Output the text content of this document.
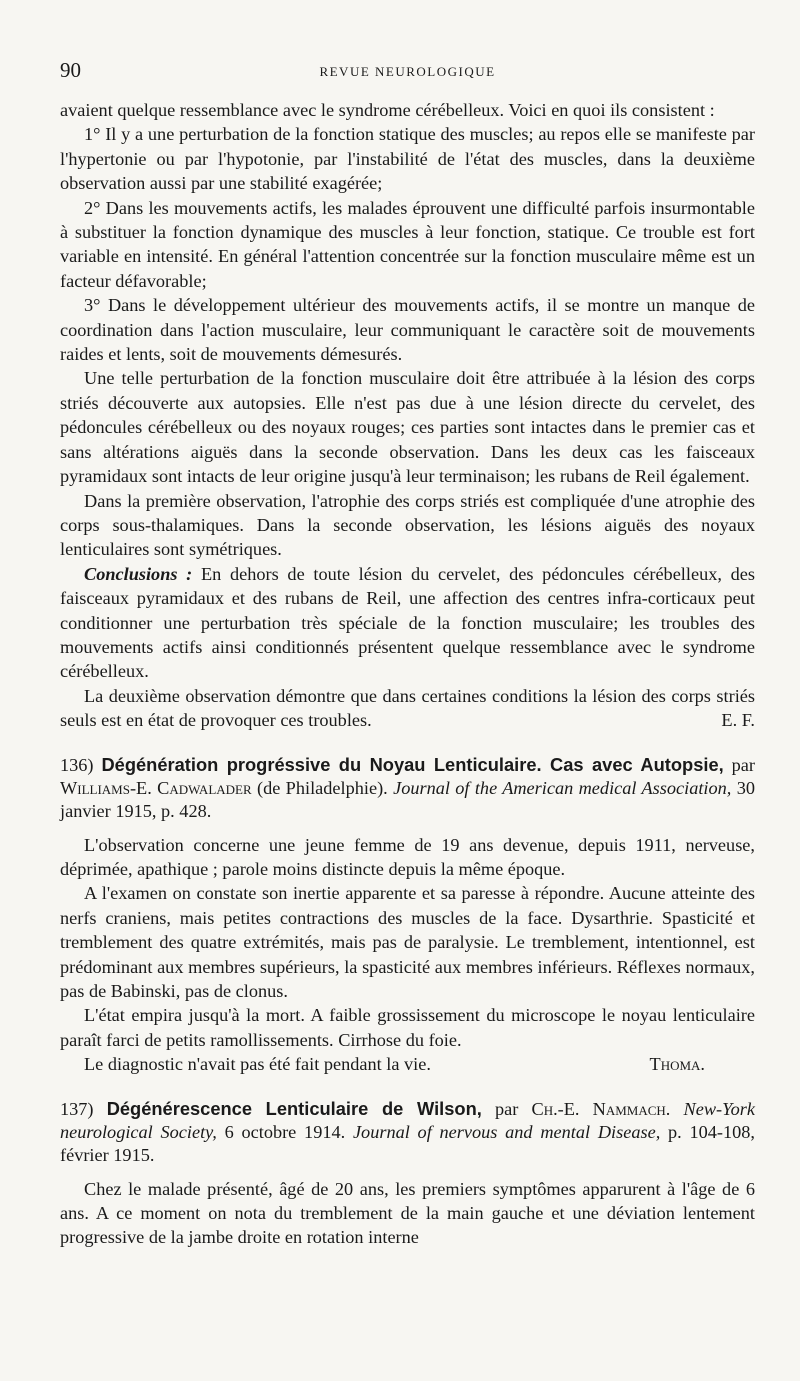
90	REVUE NEUROLOGIQUE

avaient quelque ressemblance avec le syndrome cérébelleux. Voici en quoi ils consistent :

1° Il y a une perturbation de la fonction statique des muscles; au repos elle se manifeste par l'hypertonie ou par l'hypotonie, par l'instabilité de l'état des muscles, dans la deuxième observation aussi par une stabilité exagérée;

2° Dans les mouvements actifs, les malades éprouvent une difficulté parfois insurmontable à substituer la fonction dynamique des muscles à leur fonction, statique. Ce trouble est fort variable en intensité. En général l'attention concentrée sur la fonction musculaire même est un facteur défavorable;

3° Dans le développement ultérieur des mouvements actifs, il se montre un manque de coordination dans l'action musculaire, leur communiquant le caractère soit de mouvements raides et lents, soit de mouvements démesurés.

Une telle perturbation de la fonction musculaire doit être attribuée à la lésion des corps striés découverte aux autopsies. Elle n'est pas due à une lésion directe du cervelet, des pédoncules cérébelleux ou des noyaux rouges; ces parties sont intactes dans le premier cas et sans altérations aiguës dans la seconde observation. Dans les deux cas les faisceaux pyramidaux sont intacts de leur origine jusqu'à leur terminaison; les rubans de Reil également.

Dans la première observation, l'atrophie des corps striés est compliquée d'une atrophie des corps sous-thalamiques. Dans la seconde observation, les lésions aiguës des noyaux lenticulaires sont symétriques.

Conclusions : En dehors de toute lésion du cervelet, des pédoncules cérébelleux, des faisceaux pyramidaux et des rubans de Reil, une affection des centres infra-corticaux peut conditionner une perturbation très spéciale de la fonction musculaire; les troubles des mouvements actifs ainsi conditionnés présentent quelque ressemblance avec le syndrome cérébelleux.

La deuxième observation démontre que dans certaines conditions la lésion des corps striés seuls est en état de provoquer ces troubles.	E. F.

136) Dégénération progréssive du Noyau Lenticulaire. Cas avec Autopsie, par Williams-E. Cadwalader (de Philadelphie). Journal of the American medical Association, 30 janvier 1915, p. 428.

L'observation concerne une jeune femme de 19 ans devenue, depuis 1911, nerveuse, déprimée, apathique ; parole moins distincte depuis la même époque.

A l'examen on constate son inertie apparente et sa paresse à répondre. Aucune atteinte des nerfs craniens, mais petites contractions des muscles de la face. Dysarthrie. Spasticité et tremblement des quatre extrémités, mais pas de paralysie. Le tremblement, intentionnel, est prédominant aux membres supérieurs, la spasticité aux membres inférieurs. Réflexes normaux, pas de Babinski, pas de clonus.

L'état empira jusqu'à la mort. A faible grossissement du microscope le noyau lenticulaire paraît farci de petits ramollissements. Cirrhose du foie.

Le diagnostic n'avait pas été fait pendant la vie.	Thoma.

137) Dégénérescence Lenticulaire de Wilson, par Ch.-E. Nammach. New-York neurological Society, 6 octobre 1914. Journal of nervous and mental Disease, p. 104-108, février 1915.

Chez le malade présenté, âgé de 20 ans, les premiers symptômes apparurent à l'âge de 6 ans. A ce moment on nota du tremblement de la main gauche et une déviation lentement progressive de la jambe droite en rotation interne
